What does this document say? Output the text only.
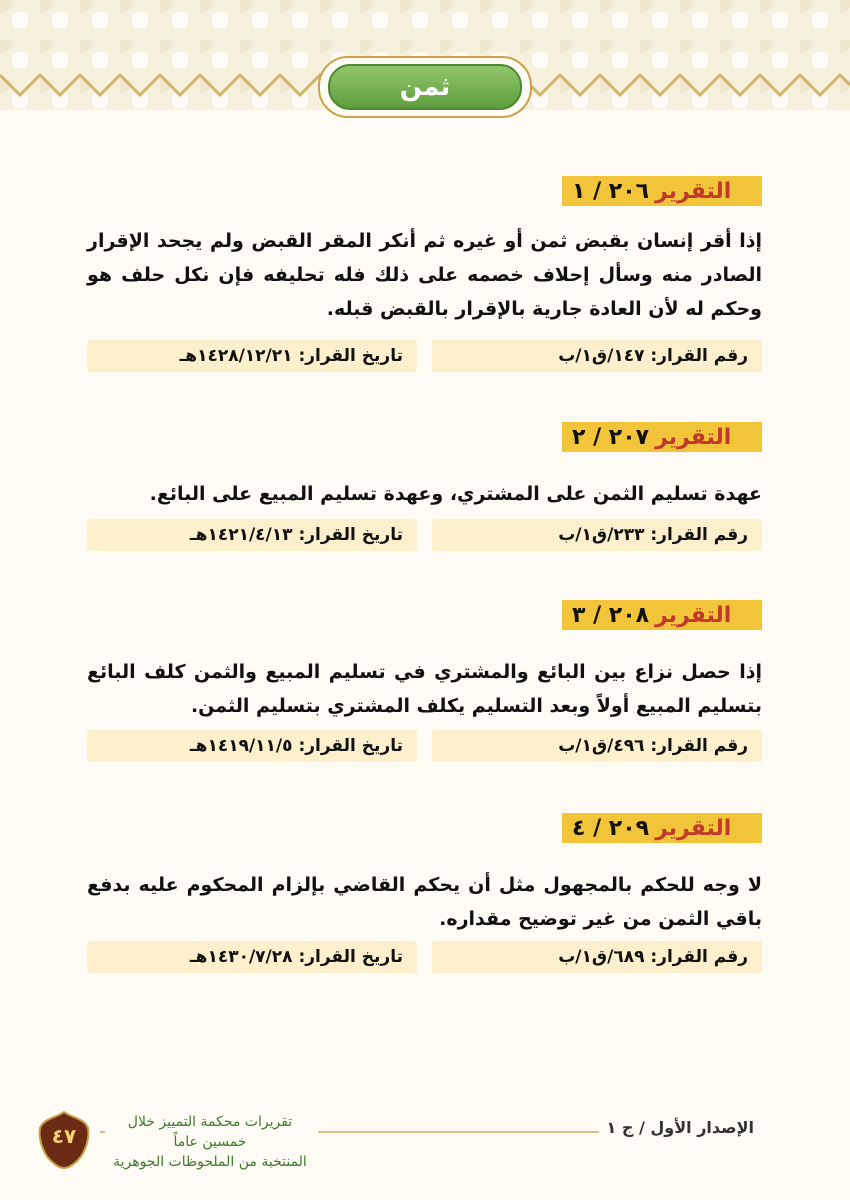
ثمن
التقرير
٢٠٦ / ١
إذا أقر إنسان بقبض ثمن أو غيره ثم أنكر المقر القبض ولم يجحد الإقرار الصادر منه وسأل إحلاف خصمه على ذلك فله تحليفه فإن نكل حلف هو وحكم له لأن العادة جارية بالإقرار بالقبض قبله.
رقم القرار: ١٤٧/ق١/ب
تاريخ القرار: ١٤٢٨/١٢/٢١هـ
التقرير
٢٠٧ / ٢
عهدة تسليم الثمن على المشتري، وعهدة تسليم المبيع على البائع.
رقم القرار: ٢٣٣/ق١/ب
تاريخ القرار: ١٤٢١/٤/١٣هـ
التقرير
٢٠٨ / ٣
إذا حصل نزاع بين البائع والمشتري في تسليم المبيع والثمن كلف البائع بتسليم المبيع أولاً وبعد التسليم يكلف المشتري بتسليم الثمن.
رقم القرار: ٤٩٦/ق١/ب
تاريخ القرار: ١٤١٩/١١/٥هـ
التقرير
٢٠٩ / ٤
لا وجه للحكم بالمجهول مثل أن يحكم القاضي بإلزام المحكوم عليه بدفع باقي الثمن من غير توضيح مقداره.
رقم القرار: ٦٨٩/ق١/ب
تاريخ القرار: ١٤٣٠/٧/٢٨هـ
الإصدار الأول / ج ١
تقريرات محكمة التمييز خلال خمسين عاماً
المنتخبة من الملحوظات الجوهرية
٤٧
